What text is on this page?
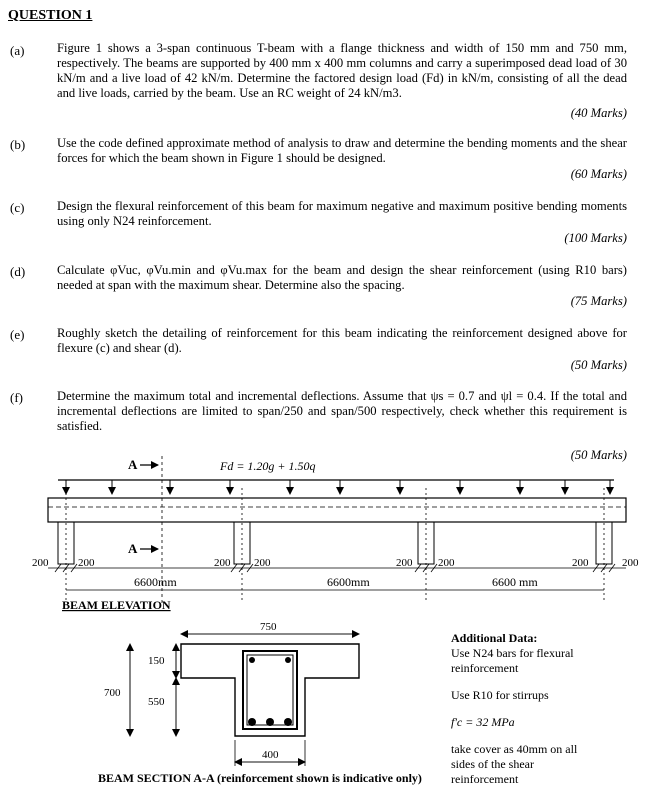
QUESTION 1
(a)	Figure 1 shows a 3-span continuous T-beam with a flange thickness and width of 150 mm and 750 mm, respectively. The beams are supported by 400 mm x 400 mm columns and carry a superimposed dead load of 30 kN/m and a live load of 42 kN/m. Determine the factored design load (Fd) in kN/m, consisting of all the dead and live loads, carried by the beam. Use an RC weight of 24 kN/m3.
(40 Marks)
(b)	Use the code defined approximate method of analysis to draw and determine the bending moments and the shear forces for which the beam shown in Figure 1 should be designed.
(60 Marks)
(c)	Design the flexural reinforcement of this beam for maximum negative and maximum positive bending moments using only N24 reinforcement.
(100 Marks)
(d)	Calculate φVuc, φVu.min and φVu.max for the beam and design the shear reinforcement (using R10 bars) needed at span with the maximum shear. Determine also the spacing.
(75 Marks)
(e)	Roughly sketch the detailing of reinforcement for this beam indicating the reinforcement designed above for flexure (c) and shear (d).
(50 Marks)
(f)	Determine the maximum total and incremental deflections. Assume that ψs = 0.7 and ψl = 0.4. If the total and incremental deflections are limited to span/250 and span/500 respectively, check whether this requirement is satisfied.
(50 Marks)
A
A
Fd = 1.20g + 1.50q
200	200	200 200	200 200	200	200
6600mm	6600mm	6600 mm
BEAM ELEVATION
750
700
150
550
400
BEAM SECTION A-A (reinforcement shown is indicative only)
Additional Data:
Use N24 bars for flexural reinforcement
Use R10 for stirrups
f'c = 32 MPa
take cover as 40mm on all sides of the shear reinforcement
